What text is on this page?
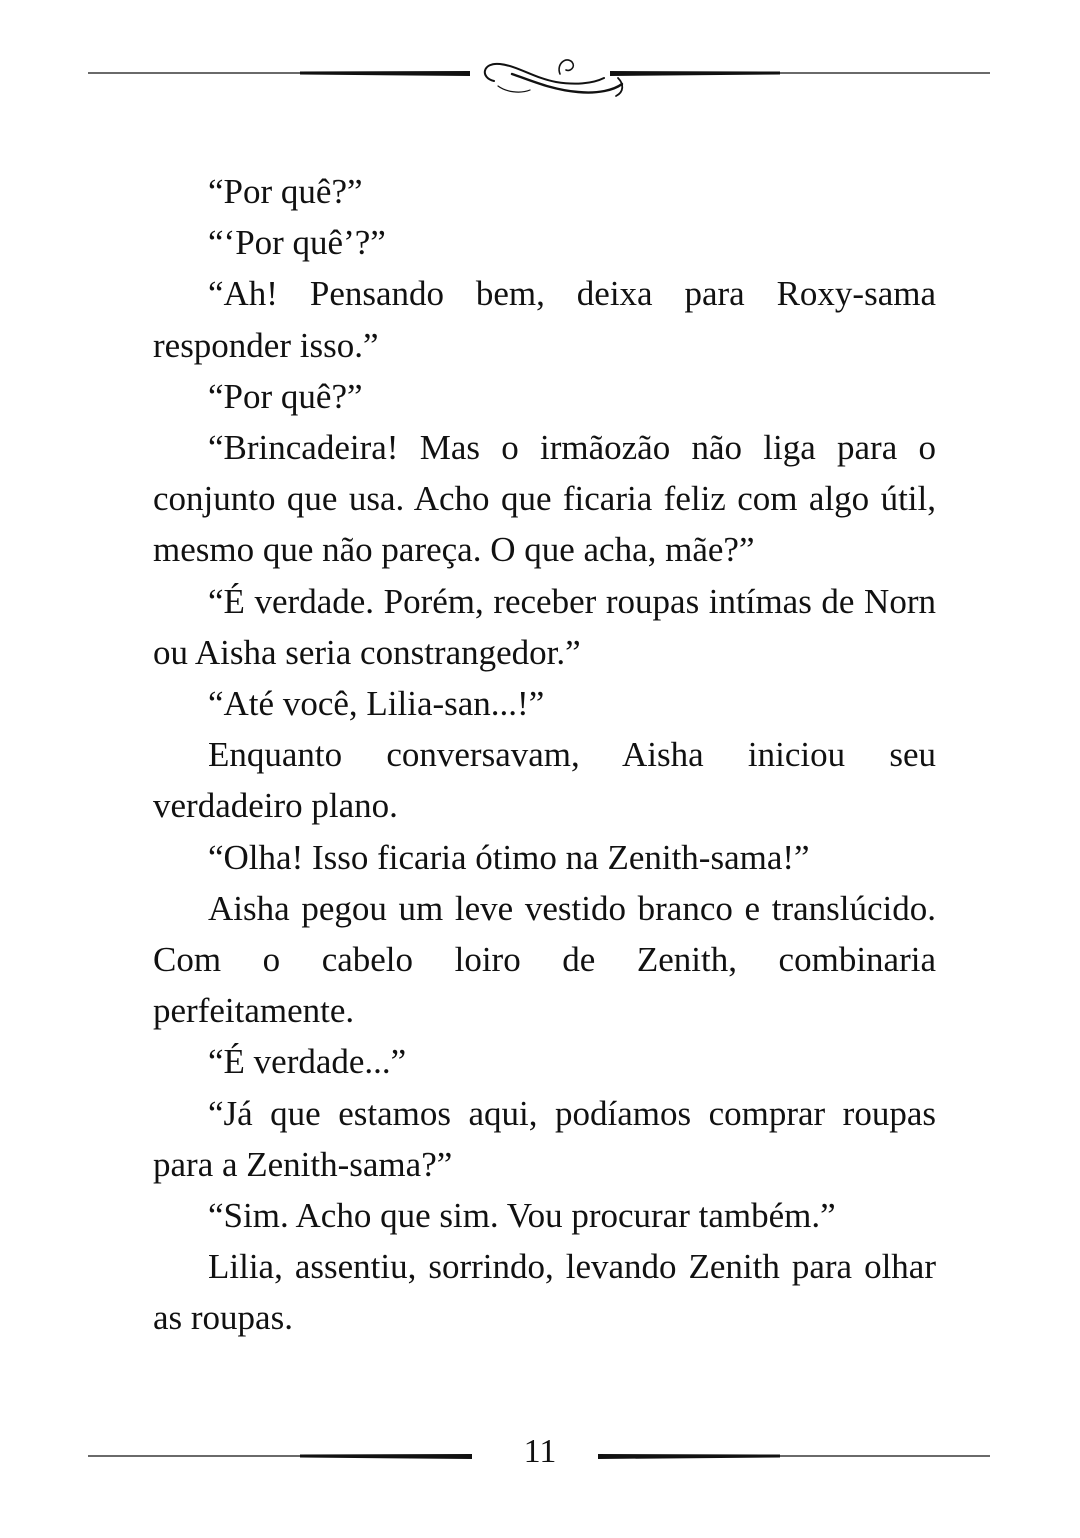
“Por quê?”

“‘Por quê’?”

“Ah! Pensando bem, deixa para Roxy-sama responder isso.”

“Por quê?”

“Brincadeira! Mas o irmãozão não liga para o conjunto que usa. Acho que ficaria feliz com algo útil, mesmo que não pareça. O que acha, mãe?”

“É verdade. Porém, receber roupas intímas de Norn ou Aisha seria constrangedor.”

“Até você, Lilia-san...!”

Enquanto conversavam, Aisha iniciou seu verdadeiro plano.

“Olha! Isso ficaria ótimo na Zenith-sama!”

Aisha pegou um leve vestido branco e translúcido. Com o cabelo loiro de Zenith, combinaria perfeitamente.

“É verdade...”

“Já que estamos aqui, podíamos comprar roupas para a Zenith-sama?”

“Sim. Acho que sim. Vou procurar também.”

Lilia, assentiu, sorrindo, levando Zenith para olhar as roupas.

11
